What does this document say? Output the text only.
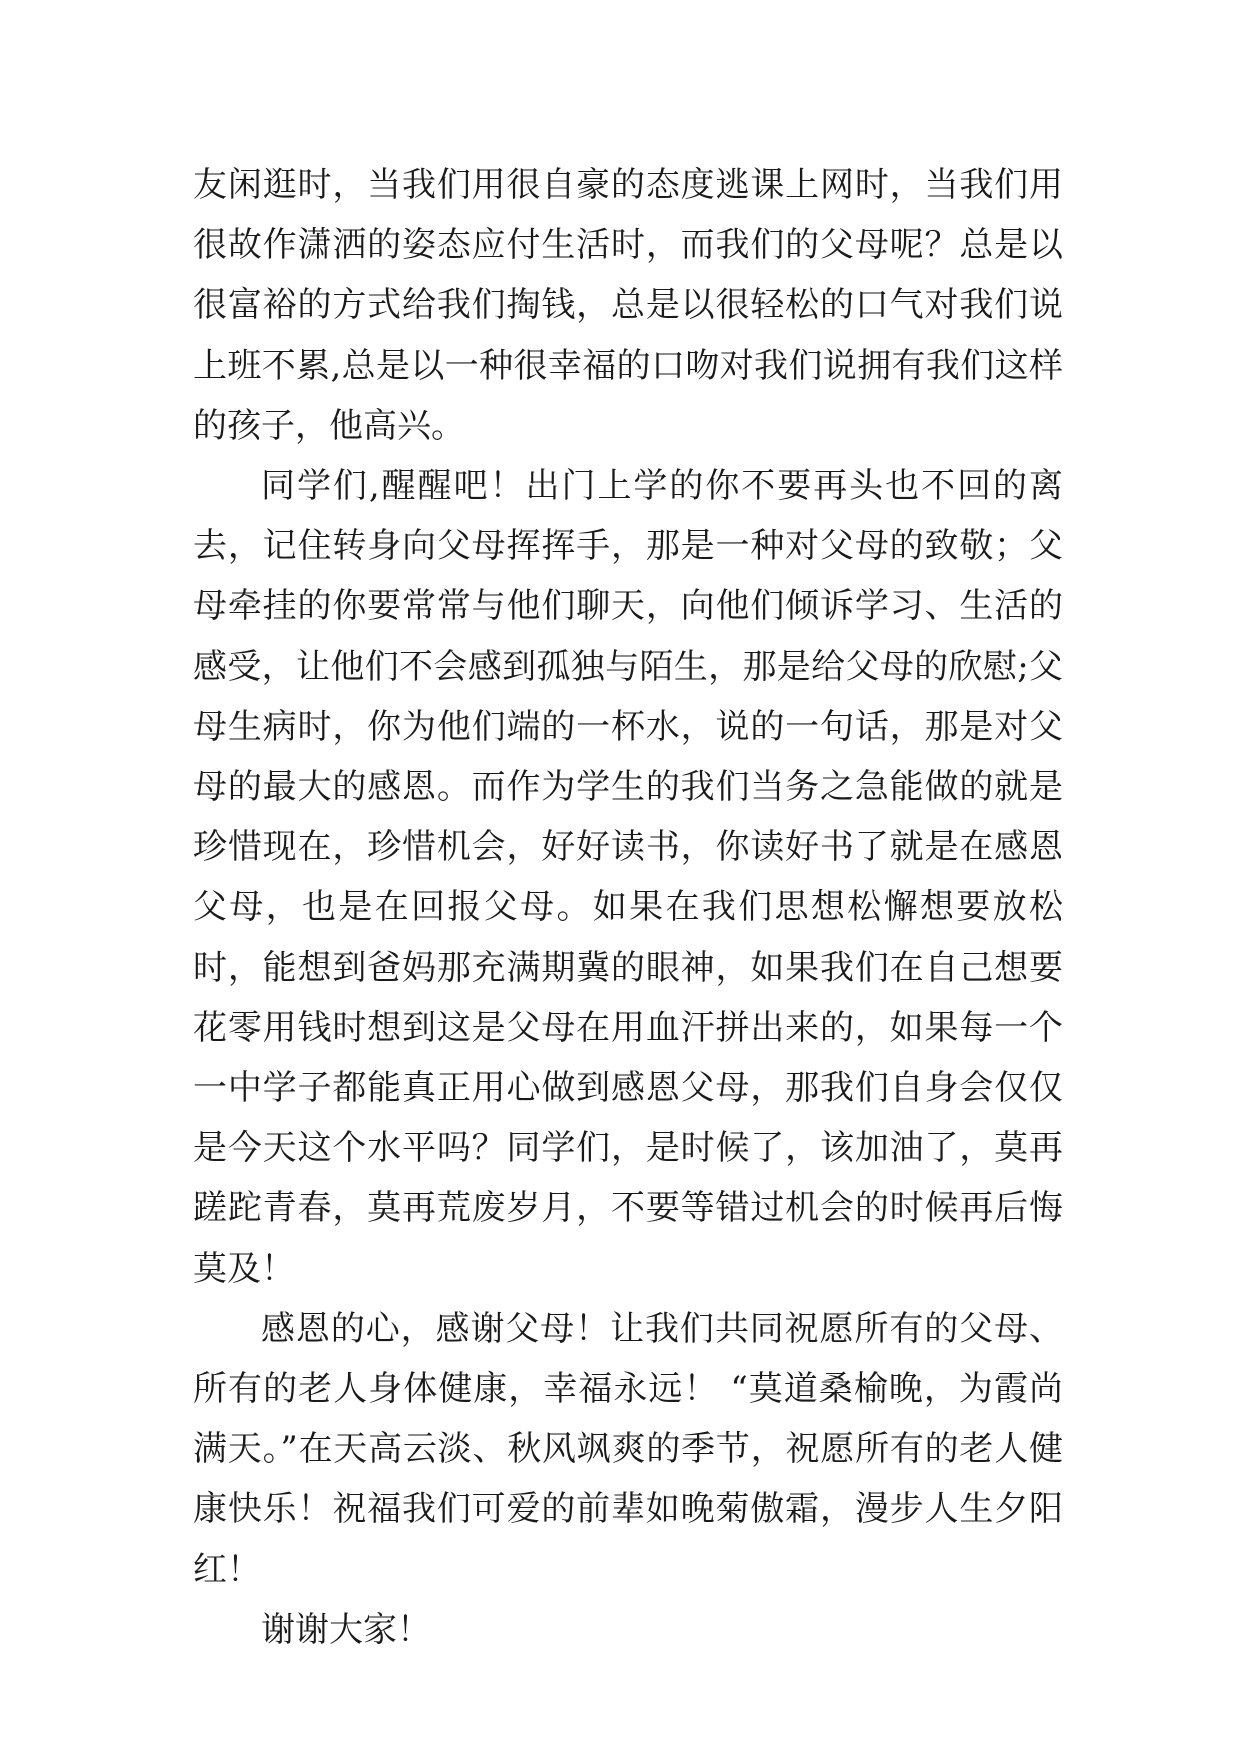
友闲逛时，当我们用很自豪的态度逃课上网时，当我们用很故作潇洒的姿态应付生活时，而我们的父母呢？总是以很富裕的方式给我们掏钱，总是以很轻松的口气对我们说上班不累,总是以一种很幸福的口吻对我们说拥有我们这样的孩子，他高兴。

同学们,醒醒吧！出门上学的你不要再头也不回的离去，记住转身向父母挥挥手，那是一种对父母的致敬；父母牵挂的你要常常与他们聊天，向他们倾诉学习、生活的感受，让他们不会感到孤独与陌生，那是给父母的欣慰;父母生病时，你为他们端的一杯水，说的一句话，那是对父母的最大的感恩。而作为学生的我们当务之急能做的就是珍惜现在，珍惜机会，好好读书，你读好书了就是在感恩父母，也是在回报父母。如果在我们思想松懈想要放松时，能想到爸妈那充满期冀的眼神，如果我们在自己想要花零用钱时想到这是父母在用血汗拼出来的，如果每一个一中学子都能真正用心做到感恩父母，那我们自身会仅仅是今天这个水平吗？同学们，是时候了，该加油了，莫再蹉跎青春，莫再荒废岁月，不要等错过机会的时候再后悔莫及！

感恩的心，感谢父母！让我们共同祝愿所有的父母、所有的老人身体健康，幸福永远！ “莫道桑榆晚，为霞尚满天。”在天高云淡、秋风飒爽的季节，祝愿所有的老人健康快乐！祝福我们可爱的前辈如晚菊傲霜，漫步人生夕阳红！

谢谢大家！
